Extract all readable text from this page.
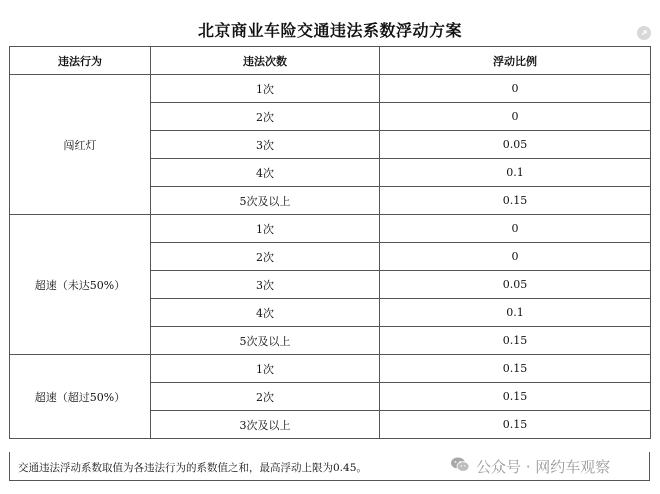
北京商业车险交通违法系数浮动方案
违法行为	违法次数	浮动比例
闯红灯	1次	0
	2次	0
	3次	0.05
	4次	0.1
	5次及以上	0.15
超速（未达50%）	1次	0
	2次	0
	3次	0.05
	4次	0.1
	5次及以上	0.15
超速（超过50%）	1次	0.15
	2次	0.15
	3次及以上	0.15
交通违法浮动系数取值为各违法行为的系数值之和，最高浮动上限为0.45。	公众号 · 网约车观察
